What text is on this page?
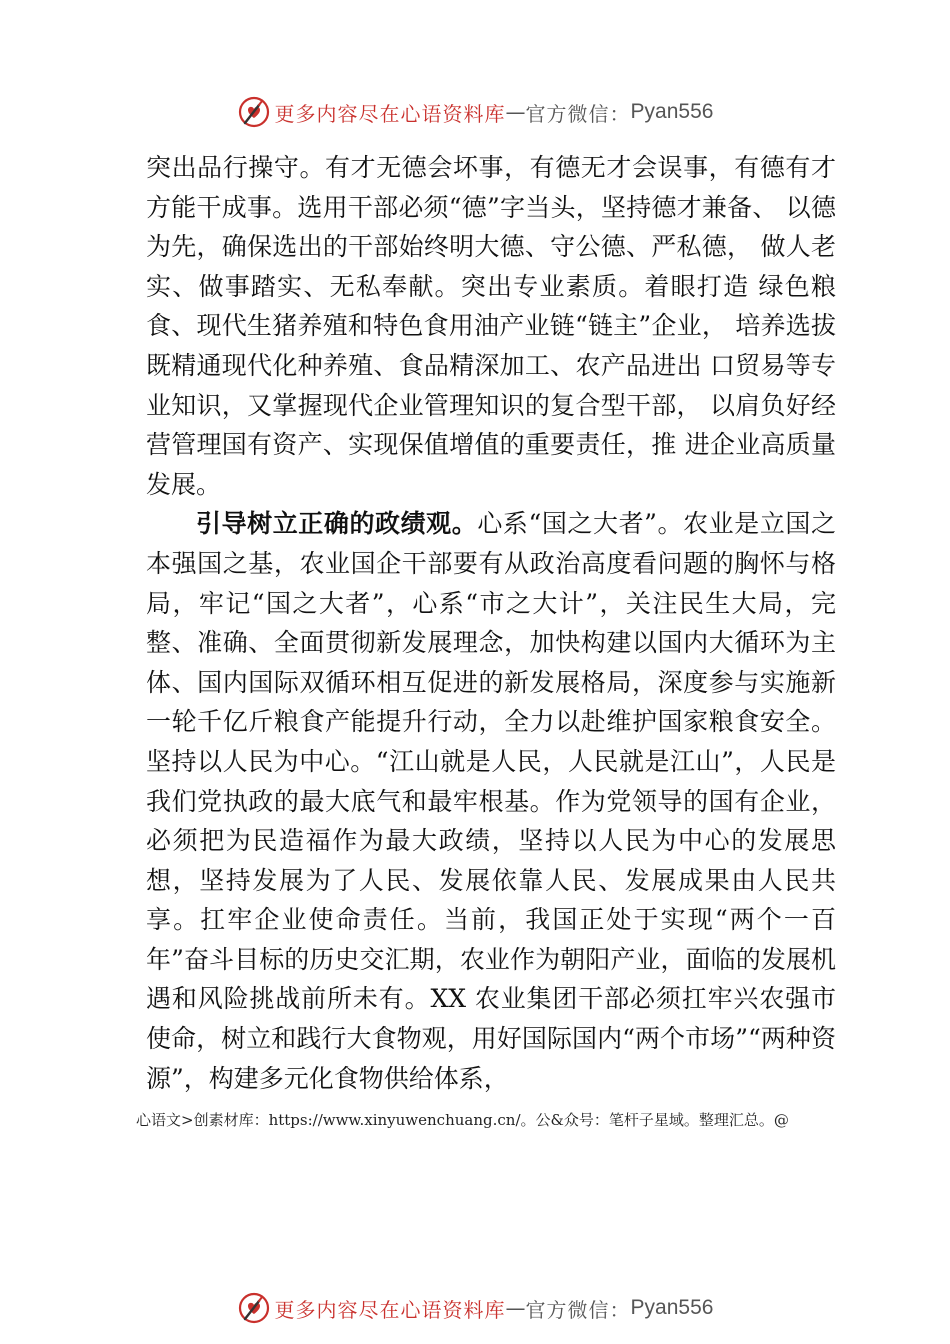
更多内容尽在心语资料库 — 官方微信： Pyan556

突出品行操守。有才无德会坏事，有德无才会误事，有德有才方能干成事。选用干部必须“德”字当头，坚持德才兼备、 以德为先，确保选出的干部始终明大德、守公德、严私德， 做人老实、做事踏实、无私奉献。突出专业素质。着眼打造 绿色粮食、现代生猪养殖和特色食用油产业链“链主”企业， 培养选拔既精通现代化种养殖、食品精深加工、农产品进出 口贸易等专业知识，又掌握现代企业管理知识的复合型干部， 以肩负好经营管理国有资产、实现保值增值的重要责任，推 进企业高质量发展。

引导树立正确的政绩观。心系“国之大者”。农业是立国之本强国之基，农业国企干部要有从政治高度看问题的胸怀与格局，牢记“国之大者”，心系“市之大计”，关注民生大局，完整、准确、全面贯彻新发展理念，加快构建以国内大循环为主体、国内国际双循环相互促进的新发展格局，深度参与实施新一轮千亿斤粮食产能提升行动，全力以赴维护国家粮食安全。坚持以人民为中心。“江山就是人民，人民就是江山”，人民是我们党执政的最大底气和最牢根基。作为党领导的国有企业，必须把为民造福作为最大政绩，坚持以人民为中心的发展思想，坚持发展为了人民、发展依靠人民、发展成果由人民共享。扛牢企业使命责任。当前，我国正处于实现“两个一百年”奋斗目标的历史交汇期，农业作为朝阳产业，面临的发展机遇和风险挑战前所未有。XX 农业集团干部必须扛牢兴农强市使命，树立和践行大食物观，用好国际国内“两个市场”“两种资源”，构建多元化食物供给体系，

心语文>创素材库：https://www.xinyuwenchuang.cn/。公&众号：笔杆子星域。整理汇总。@
更多内容尽在心语资料库 — 官方微信： Pyan556
